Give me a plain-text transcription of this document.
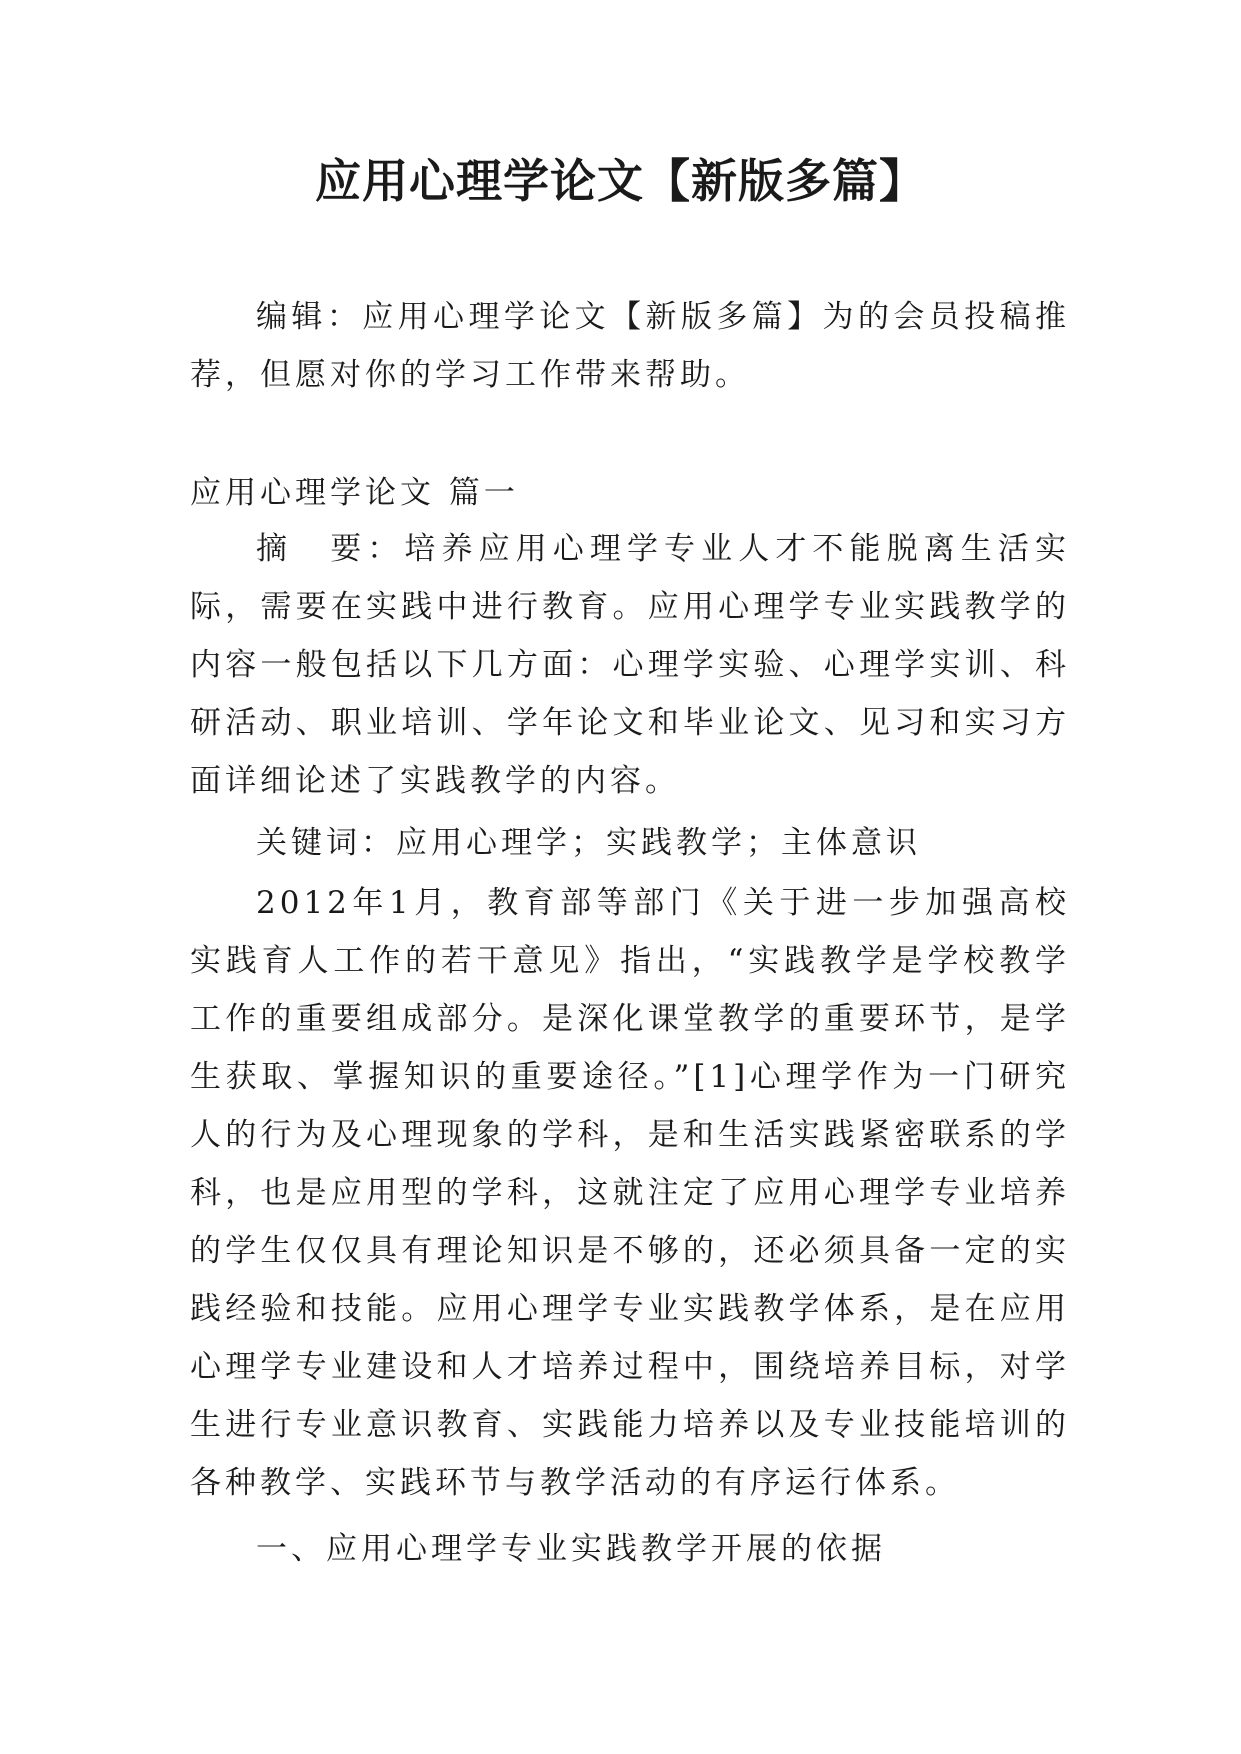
应用心理学论文【新版多篇】
编辑：应用心理学论文【新版多篇】为的会员投稿推荐，但愿对你的学习工作带来帮助。
应用心理学论文 篇一
摘　要：培养应用心理学专业人才不能脱离生活实际，需要在实践中进行教育。应用心理学专业实践教学的内容一般包括以下几方面：心理学实验、心理学实训、科研活动、职业培训、学年论文和毕业论文、见习和实习方面详细论述了实践教学的内容。
关键词：应用心理学；实践教学；主体意识
2012年1月，教育部等部门《关于进一步加强高校实践育人工作的若干意见》指出，“实践教学是学校教学工作的重要组成部分。是深化课堂教学的重要环节，是学生获取、掌握知识的重要途径。”[1]心理学作为一门研究人的行为及心理现象的学科，是和生活实践紧密联系的学科，也是应用型的学科，这就注定了应用心理学专业培养的学生仅仅具有理论知识是不够的，还必须具备一定的实践经验和技能。应用心理学专业实践教学体系，是在应用心理学专业建设和人才培养过程中，围绕培养目标，对学生进行专业意识教育、实践能力培养以及专业技能培训的各种教学、实践环节与教学活动的有序运行体系。
一、应用心理学专业实践教学开展的依据
